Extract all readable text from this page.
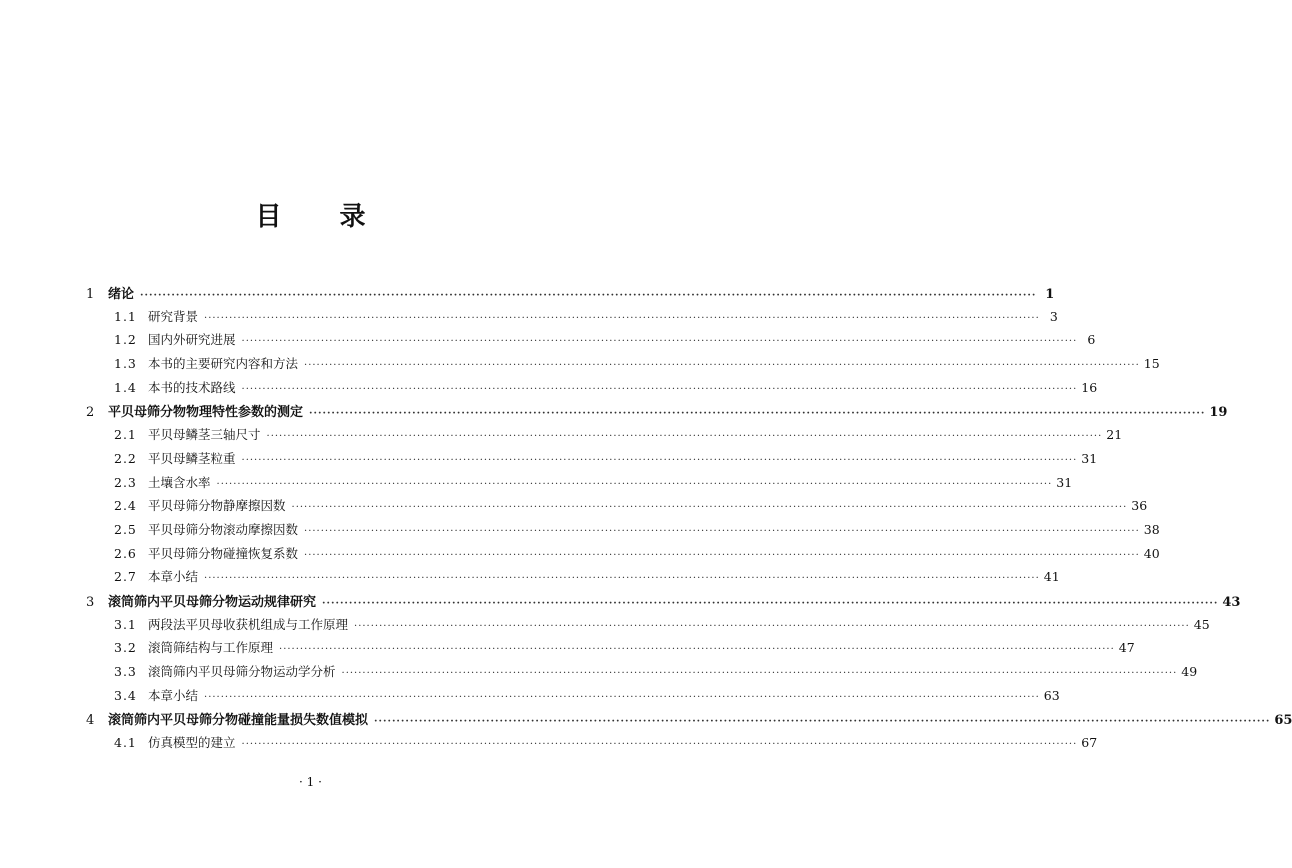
目 录
1	绪论 ········································································································································································································ 1
1.1 研究背景 ········································································································································································································ 3
1.2 国内外研究进展 ········································································································································································································ 6
1.3 本书的主要研究内容和方法 ········································································································································································································ 15
1.4 本书的技术路线 ········································································································································································································ 16
2	平贝母筛分物物理特性参数的测定 ········································································································································································································ 19
2.1 平贝母鳞茎三轴尺寸 ········································································································································································································ 21
2.2 平贝母鳞茎粒重 ········································································································································································································ 31
2.3 土壤含水率 ········································································································································································································ 31
2.4 平贝母筛分物静摩擦因数 ········································································································································································································ 36
2.5 平贝母筛分物滚动摩擦因数 ········································································································································································································ 38
2.6 平贝母筛分物碰撞恢复系数 ········································································································································································································ 40
2.7 本章小结 ········································································································································································································ 41
3	滚筒筛内平贝母筛分物运动规律研究 ········································································································································································································ 43
3.1 两段法平贝母收获机组成与工作原理 ········································································································································································································ 45
3.2 滚筒筛结构与工作原理 ········································································································································································································ 47
3.3 滚筒筛内平贝母筛分物运动学分析 ········································································································································································································ 49
3.4 本章小结 ········································································································································································································ 63
4	滚筒筛内平贝母筛分物碰撞能量损失数值模拟 ········································································································································································································ 65
4.1 仿真模型的建立 ········································································································································································································ 67
· 1 ·
